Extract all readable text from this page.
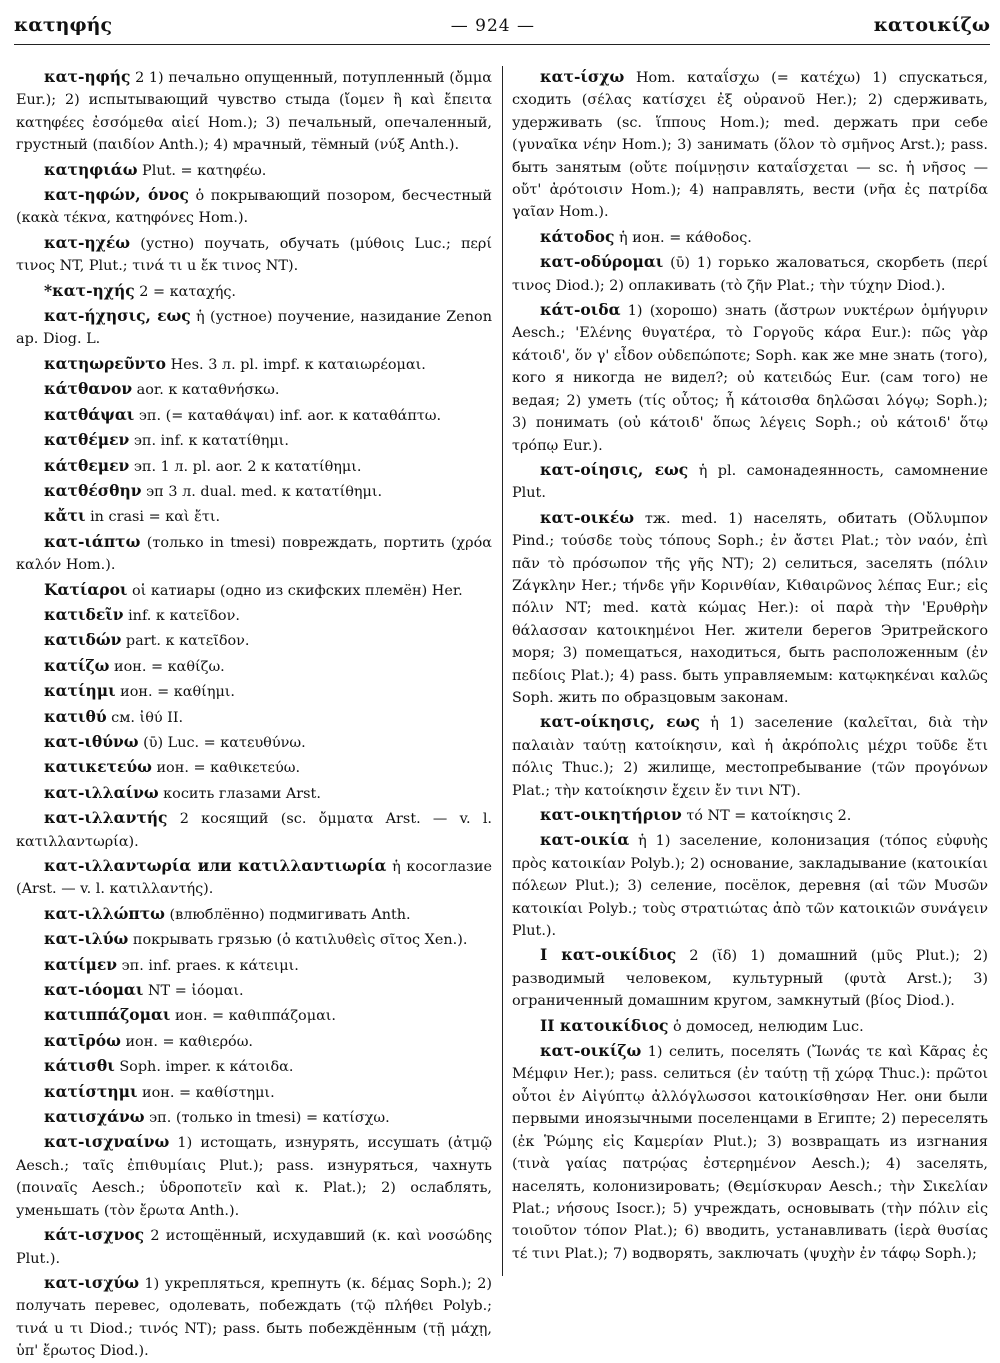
κατηφής	— 924 —	κατοικίζω

κατ-ηφής 2 1) печально опущенный, потупленный (ὄμμα Eur.); 2) испытывающий чувство стыда (ἴομεν ἢ καὶ ἔπειτα κατηφέες ἐσσόμεθα αἰεί Hom.); 3) печальный, опечаленный, грустный (παιδίον Anth.); 4) мрачный, тёмный (νύξ Anth.).

κατηφιάω Plut. = κατηφέω.

κατ-ηφών, όνος ὁ покрывающий позором, бесчестный (κακὰ τέκνα, κατηφόνες Hom.).

κατ-ηχέω (устно) поучать, обучать (μύθοις Luc.; περί τινος NT, Plut.; τινά τι u ἔκ τινος NT).

*κατ-ηχής 2 = καταχής.

κατ-ήχησις, εως ἡ (устное) поучение, назидание Zenon ap. Diog. L.

κατηωρεῦντο Hes. 3 л. pl. impf. к καταιωρέομαι.

κάτθανον aor. к καταθνήσκω.

κατθάψαι эп. (= καταθάψαι) inf. aor. к καταθάπτω.

κατθέμεν эп. inf. к κατατίθημι.

κάτθεμεν эп. 1 л. pl. aor. 2 к κατατίθημι.

κατθέσθην эп 3 л. dual. med. к κατατίθημι.

κἄτι in crasi = καὶ ἔτι.

κατ-ιάπτω (только in tmesi) повреждать, портить (χρόα καλόν Hom.).

Κατίαροι οἱ катиары (одно из скифских племён) Her.

κατιδεῖν inf. к κατεῖδον.

κατιδών part. к κατεῖδον.

κατίζω ион. = καθίζω.

κατίημι ион. = καθίημι.

κατιθύ см. ἰθύ II.

κατ-ιθύνω (ῡ) Luc. = κατευθύνω.

κατικετεύω ион. = καθικετεύω.

κατ-ιλλαίνω косить глазами Arst.

κατ-ιλλαντής 2 косящий (sc. ὄμματα Arst. — v. l. κατιλλαντωρία).

κατ-ιλλαντωρία или κατιλλαντιωρία ἡ косоглазие (Arst. — v. l. κατιλλαντής).

κατ-ιλλώπτω (влюблённо) подмигивать Anth.

κατ-ιλύω покрывать грязью (ὁ κατιλυθεὶς σῖτος Xen.).

κατίμεν эп. inf. praes. к κάτειμι.

κατ-ιόομαι NT = ἰόομαι.

κατιππάζομαι ион. = καθιππάζομαι.

κατῑρόω ион. = καθιερόω.

κάτισθι Soph. imper. к κάτοιδα.

κατίστημι ион. = καθίστημι.

κατισχάνω эп. (только in tmesi) = κατίσχω.

κατ-ισχναίνω 1) истощать, изнурять, иссушать (ἀτμῷ Aesch.; ταῖς ἐπιθυμίαις Plut.); pass. изнуряться, чахнуть (ποιναῖς Aesch.; ὑδροποτεῖν καὶ κ. Plat.); 2) ослаблять, уменьшать (τὸν ἔρωτα Anth.).

κάτ-ισχνος 2 истощённый, исхудавший (κ. καὶ νοσώδης Plut.).

κατ-ισχύω 1) укрепляться, крепнуть (κ. δέμας Soph.); 2) получать перевес, одолевать, побеждать (τῷ πλήθει Polyb.; τινά u τι Diod.; τινός NT); pass. быть побеждённым (τῇ μάχῃ, ὑπ' ἔρωτος Diod.).

κατ-ίσχω Hom. καταΐσχω (= κατέχω) 1) спускаться, сходить (σέλας κατίσχει ἐξ οὐρανοῦ Her.); 2) сдерживать, удерживать (sc. ἵππους Hom.); med. держать при себе (γυναῖκα νέην Hom.); 3) занимать (ὅλον τὸ σμῆνος Arst.); pass. быть занятым (οὔτε ποίμνῃσιν καταΐσχεται — sc. ἡ νῆσος — οὔτ' ἀρότοισιν Hom.); 4) направлять, вести (νῆα ἐς πατρίδα γαῖαν Hom.).

κάτοδος ἡ ион. = κάθοδος.

κατ-οδύρομαι (ῡ) 1) горько жаловаться, скорбеть (περί τινος Diod.); 2) оплакивать (τὸ ζῆν Plat.; τὴν τύχην Diod.).

κάτ-οιδα 1) (хорошо) знать (ἄστρων νυκτέρων ὁμήγυριν Aesch.; 'Ελένης θυγατέρα, τὸ Γοργοῦς κάρα Eur.): πῶς γὰρ κάτοιδ', ὅν γ' εἶδον οὐδεπώποτε; Soph. как же мне знать (того), кого я никогда не видел?; οὐ κατειδώς Eur. (сам того) не ведая; 2) уметь (τίς οὗτος; ἦ κάτοισθα δηλῶσαι λόγῳ; Soph.); 3) понимать (οὐ κάτοιδ' ὅπως λέγεις Soph.; οὐ κάτοιδ' ὅτῳ τρόπῳ Eur.).

κατ-οίησις, εως ἡ pl. самонадеянность, самомнение Plut.

κατ-οικέω тж. med. 1) населять, обитать (Οὔλυμπον Pind.; τούσδε τοὺς τόπους Soph.; ἐν ἄστει Plat.; τὸν ναόν, ἐπὶ πᾶν τὸ πρόσωπον τῆς γῆς NT); 2) селиться, заселять (πόλιν Ζάγκλην Her.; τήνδε γῆν Κορινθίαν, Κιθαιρῶνος λέπας Eur.; εἰς πόλιν NT; med. κατὰ κώμας Her.): οἱ παρὰ τὴν 'Ερυθρὴν θάλασσαν κατοικημένοι Her. жители берегов Эритрейского моря; 3) помещаться, находиться, быть расположенным (ἐν πεδίοις Plat.); 4) pass. быть управляемым: κατῳκηκέναι καλῶς Soph. жить по образцовым законам.

κατ-οίκησις, εως ἡ 1) заселение (καλεῖται, διὰ τὴν παλαιὰν ταύτῃ κατοίκησιν, καὶ ἡ ἀκρόπολις μέχρι τοῦδε ἔτι πόλις Thuc.); 2) жилище, местопребывание (τῶν προγόνων Plat.; τὴν κατοίκησιν ἔχειν ἔν τινι NT).

κατ-οικητήριον τό NT = κατοίκησις 2.

κατ-οικία ἡ 1) заселение, колонизация (τόπος εὐφυὴς πρὸς κατοικίαν Polyb.); 2) основание, закладывание (κατοικίαι πόλεων Plut.); 3) селение, посёлок, деревня (αἱ τῶν Μυσῶν κατοικίαι Polyb.; τοὺς στρατιώτας ἀπὸ τῶν κατοικιῶν συνάγειν Plut.).

I κατ-οικίδιος 2 (ῐδ) 1) домашний (μῦς Plut.); 2) разводимый человеком, культурный (φυτὰ Arst.); 3) ограниченный домашним кругом, замкнутый (βίος Diod.).

II κατοικίδιος ὁ домосед, нелюдим Luc.

κατ-οικίζω 1) селить, поселять (Ἴωνάς τε καὶ Κᾶρας ἐς Μέμφιν Her.); pass. селиться (ἐν ταύτῃ τῇ χώρᾳ Thuc.): πρῶτοι οὗτοι ἐν Αἰγύπτῳ ἀλλόγλωσσοι κατοικίσθησαν Her. они были первыми иноязычными поселенцами в Египте; 2) переселять (ἐκ Ῥώμης εἰς Καμερίαν Plut.); 3) возвращать из изгнания (τινὰ γαίας πατρῴας ἐστερημένον Aesch.); 4) заселять, населять, колонизировать; (Θεμίσκυραν Aesch.; τὴν Σικελίαν Plat.; νήσους Isocr.); 5) учреждать, основывать (τὴν πόλιν εἰς τοιοῦτον τόπον Plat.); 6) вводить, устанавливать (ἱερὰ θυσίας τέ τινι Plat.); 7) водворять, заключать (ψυχὴν ἐν τάφῳ Soph.);
